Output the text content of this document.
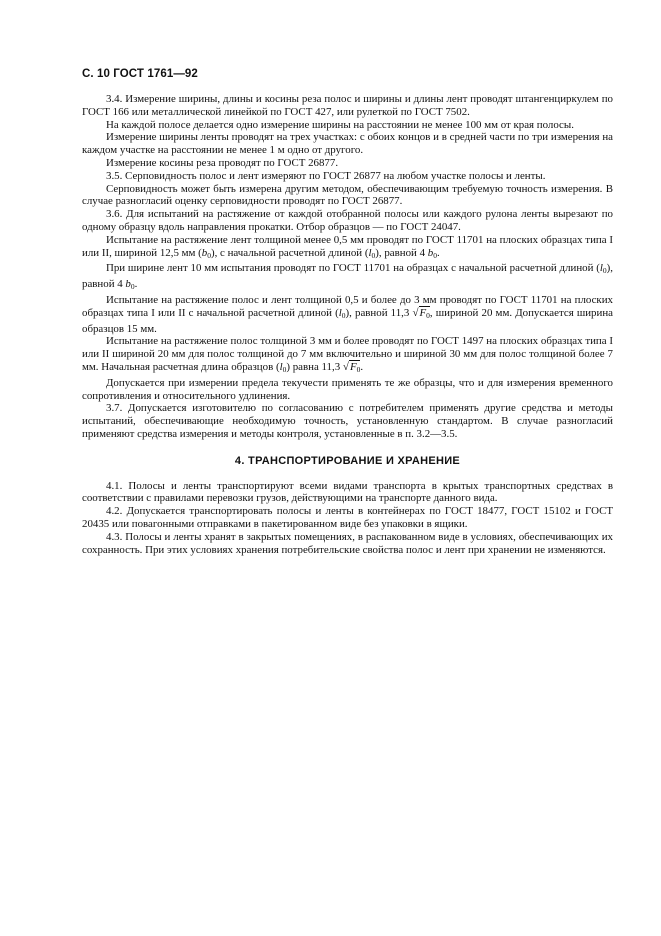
С. 10 ГОСТ 1761—92

3.4. Измерение ширины, длины и косины реза полос и ширины и длины лент проводят штангенциркулем по ГОСТ 166 или металлической линейкой по ГОСТ 427, или рулеткой по ГОСТ 7502.

На каждой полосе делается одно измерение ширины на расстоянии не менее 100 мм от края полосы.

Измерение ширины ленты проводят на трех участках: с обоих концов и в средней части по три измерения на каждом участке на расстоянии не менее 1 м одно от другого.

Измерение косины реза проводят по ГОСТ 26877.

3.5. Серповидность полос и лент измеряют по ГОСТ 26877 на любом участке полосы и ленты.

Серповидность может быть измерена другим методом, обеспечивающим требуемую точность измерения. В случае разногласий оценку серповидности проводят по ГОСТ 26877.

3.6. Для испытаний на растяжение от каждой отобранной полосы или каждого рулона ленты вырезают по одному образцу вдоль направления прокатки. Отбор образцов — по ГОСТ 24047.

Испытание на растяжение лент толщиной менее 0,5 мм проводят по ГОСТ 11701 на плоских образцах типа I или II, шириной 12,5 мм $(b_0)$, с начальной расчетной длиной $(l_0)$, равной 4 $b_0$.

При ширине лент 10 мм испытания проводят по ГОСТ 11701 на образцах с начальной расчетной длиной $(l_0)$, равной 4 $b_0$.

Испытание на растяжение полос и лент толщиной 0,5 и более до 3 мм проводят по ГОСТ 11701 на плоских образцах типа I или II с начальной расчетной длиной $(l_0)$, равной 11,3 $√F_0$, шириной 20 мм. Допускается ширина образцов 15 мм.

Испытание на растяжение полос толщиной 3 мм и более проводят по ГОСТ 1497 на плоских образцах типа I или II шириной 20 мм для полос толщиной до 7 мм включительно и шириной 30 мм для полос толщиной более 7 мм. Начальная расчетная длина образцов $(l_0)$ равна 11,3 $√F_0$.

Допускается при измерении предела текучести применять те же образцы, что и для измерения временного сопротивления и относительного удлинения.

3.7. Допускается изготовителю по согласованию с потребителем применять другие средства и методы испытаний, обеспечивающие необходимую точность, установленную стандартом. В случае разногласий применяют средства измерения и методы контроля, установленные в п. 3.2—3.5.

4. ТРАНСПОРТИРОВАНИЕ И ХРАНЕНИЕ

4.1. Полосы и ленты транспортируют всеми видами транспорта в крытых транспортных средствах в соответствии с правилами перевозки грузов, действующими на транспорте данного вида.

4.2. Допускается транспортировать полосы и ленты в контейнерах по ГОСТ 18477, ГОСТ 15102 и ГОСТ 20435 или повагонными отправками в пакетированном виде без упаковки в ящики.

4.3. Полосы и ленты хранят в закрытых помещениях, в распакованном виде в условиях, обеспечивающих их сохранность. При этих условиях хранения потребительские свойства полос и лент при хранении не изменяются.
